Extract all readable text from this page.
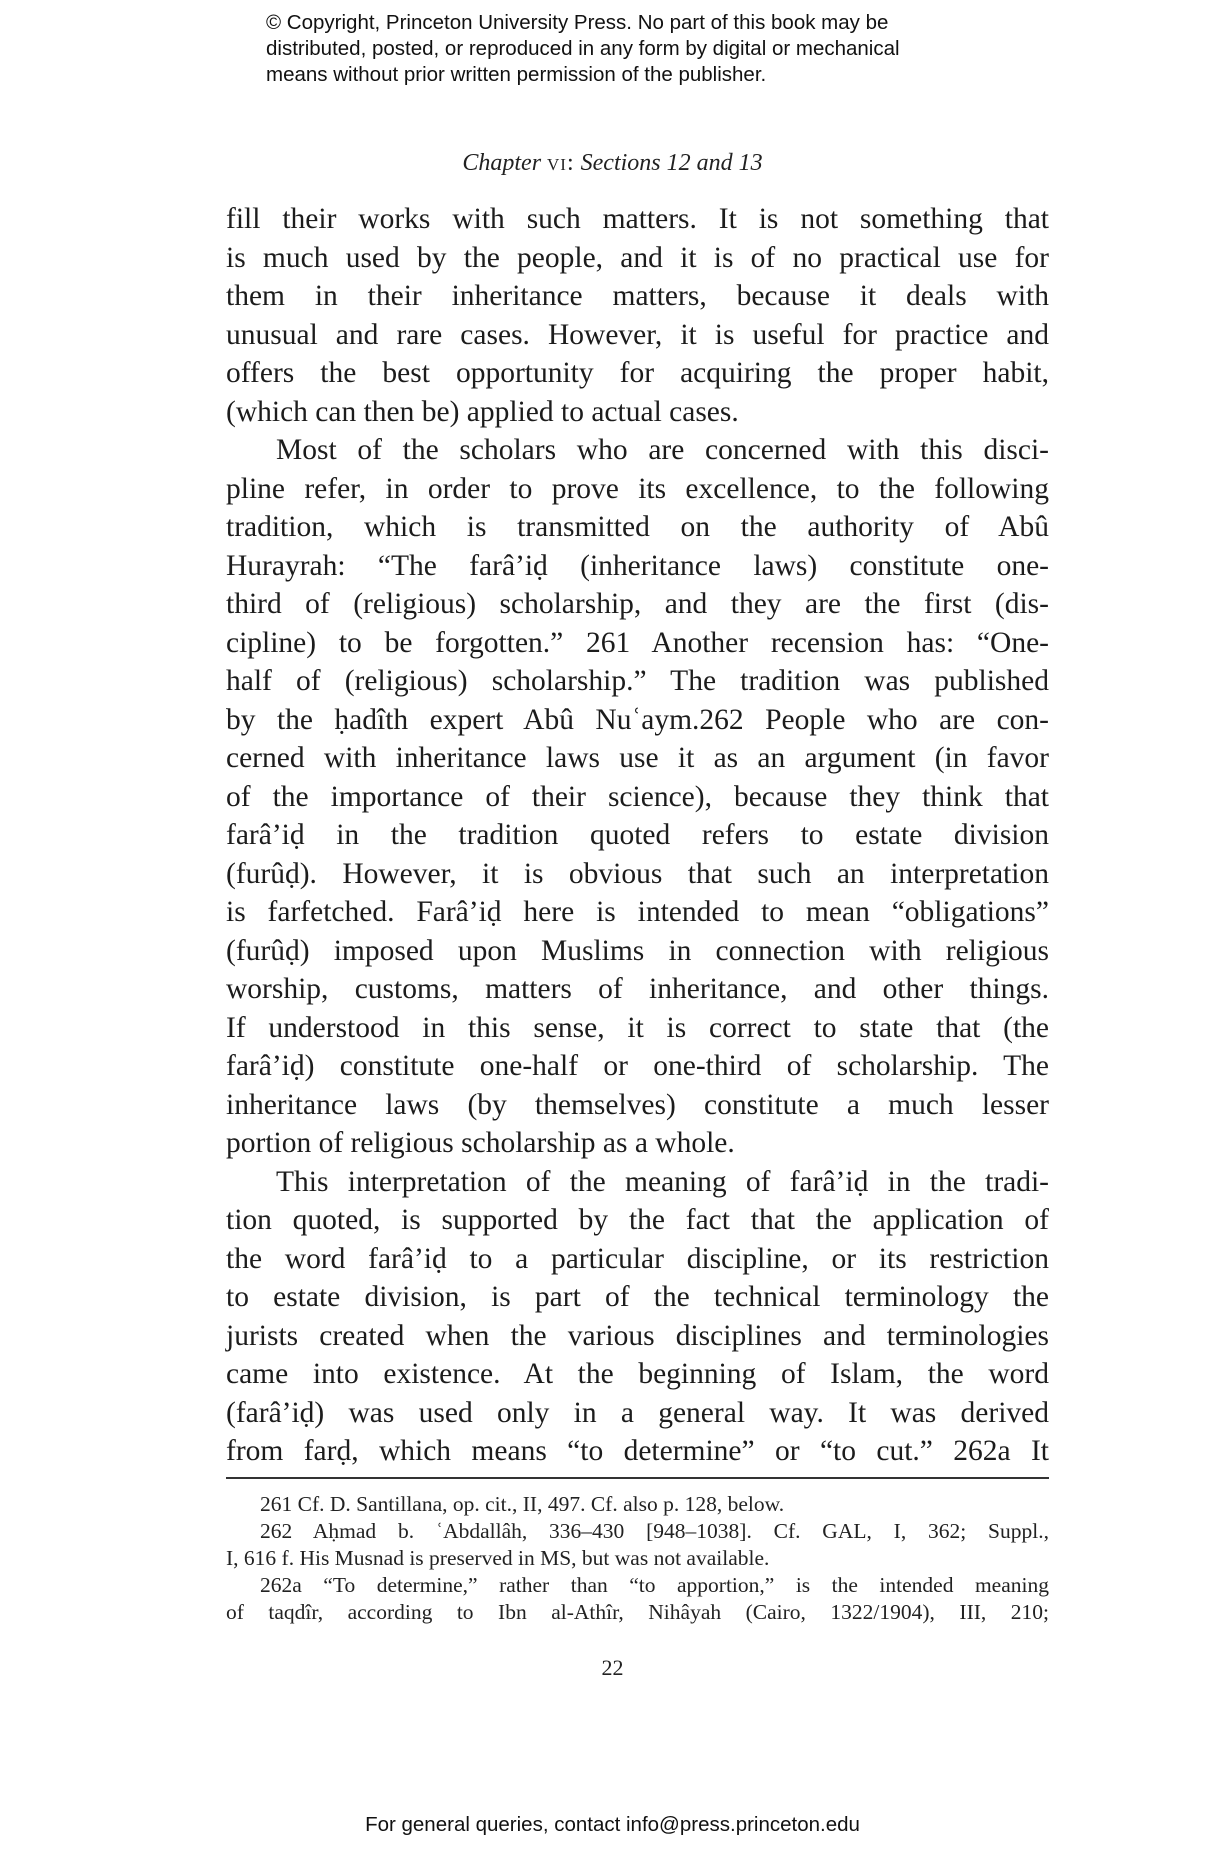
© Copyright, Princeton University Press. No part of this book may be
distributed, posted, or reproduced in any form by digital or mechanical
means without prior written permission of the publisher.
Chapter vi: Sections 12 and 13
fill their works with such matters. It is not something that
is much used by the people, and it is of no practical use for
them in their inheritance matters, because it deals with
unusual and rare cases. However, it is useful for practice and
offers the best opportunity for acquiring the proper habit,
(which can then be) applied to actual cases.
Most of the scholars who are concerned with this disci-
pline refer, in order to prove its excellence, to the following
tradition, which is transmitted on the authority of Abû
Hurayrah: “The farâ’iḍ (inheritance laws) constitute one-
third of (religious) scholarship, and they are the first (dis-
cipline) to be forgotten.” 261 Another recension has: “One-
half of (religious) scholarship.” The tradition was published
by the ḥadîth expert Abû Nuʿaym.262 People who are con-
cerned with inheritance laws use it as an argument (in favor
of the importance of their science), because they think that
farâ’iḍ in the tradition quoted refers to estate division
(furûḍ). However, it is obvious that such an interpretation
is farfetched. Farâ’iḍ here is intended to mean “obligations”
(furûḍ) imposed upon Muslims in connection with religious
worship, customs, matters of inheritance, and other things.
If understood in this sense, it is correct to state that (the
farâ’iḍ) constitute one-half or one-third of scholarship. The
inheritance laws (by themselves) constitute a much lesser
portion of religious scholarship as a whole.
This interpretation of the meaning of farâ’iḍ in the tradi-
tion quoted, is supported by the fact that the application of
the word farâ’iḍ to a particular discipline, or its restriction
to estate division, is part of the technical terminology the
jurists created when the various disciplines and terminologies
came into existence. At the beginning of Islam, the word
(farâ’iḍ) was used only in a general way. It was derived
from farḍ, which means “to determine” or “to cut.” 262a It
261 Cf. D. Santillana, op. cit., II, 497. Cf. also p. 128, below.
262 Aḥmad b. ʿAbdallâh, 336–430 [948–1038]. Cf. GAL, I, 362; Suppl.,
I, 616 f. His Musnad is preserved in MS, but was not available.
262a “To determine,” rather than “to apportion,” is the intended meaning
of taqdîr, according to Ibn al-Athîr, Nihâyah (Cairo, 1322/1904), III, 210;
22
For general queries, contact info@press.princeton.edu
